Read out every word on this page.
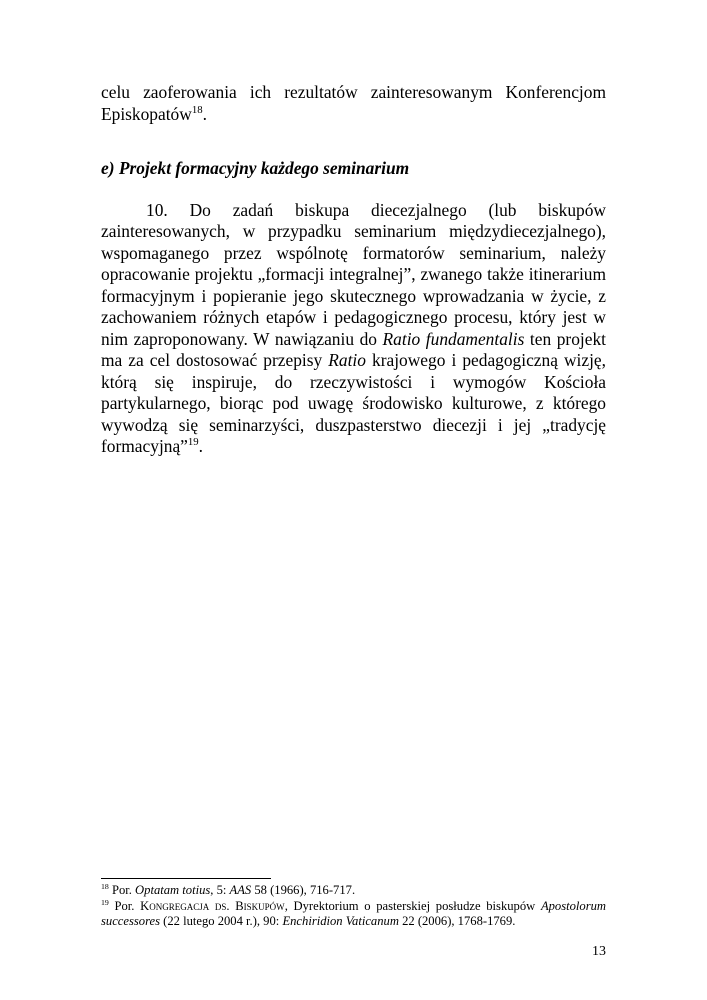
celu zaoferowania ich rezultatów zainteresowanym Konferencjom Episkopatów$^{18}$.

e) Projekt formacyjny każdego seminarium

10. Do zadań biskupa diecezjalnego (lub biskupów zainteresowanych, w przypadku seminarium międzydiecezjalnego), wspomaganego przez wspólnotę formatorów seminarium, należy opracowanie projektu „formacji integralnej”, zwanego także itinerarium formacyjnym i popieranie jego skutecznego wprowadzania w życie, z zachowaniem różnych etapów i pedagogicznego procesu, który jest w nim zaproponowany. W nawiązaniu do Ratio fundamentalis ten projekt ma za cel dostosować przepisy Ratio krajowego i pedagogiczną wizję, którą się inspiruje, do rzeczywistości i wymogów Kościoła partykularnego, biorąc pod uwagę środowisko kulturowe, z którego wywodzą się seminarzyści, duszpasterstwo diecezji i jej „tradycję formacyjną”$^{19}$.

$^{18}$ Por. Optatam totius, 5: AAS 58 (1966), 716-717.

$^{19}$ Por. Kongregacja ds. Biskupów, Dyrektorium o pasterskiej posłudze biskupów Apostolorum successores (22 lutego 2004 r.), 90: Enchiridion Vaticanum 22 (2006), 1768-1769.

13
